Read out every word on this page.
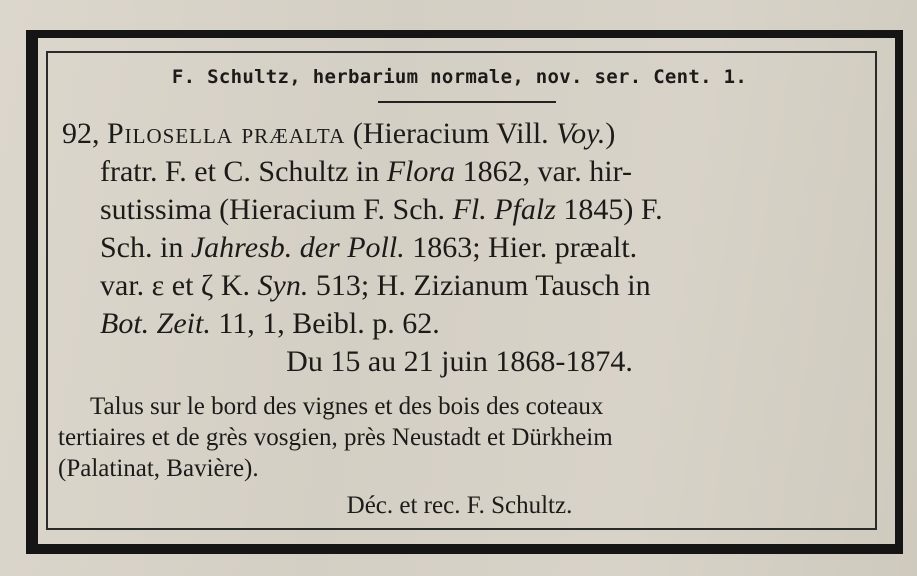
F. Schultz, herbarium normale, nov. ser. Cent. 1.
92, Pilosella præalta (Hieracium Vill. Voy.)
fratr. F. et C. Schultz in Flora 1862, var. hir-
sutissima (Hieracium F. Sch. Fl. Pfalz 1845) F.
Sch. in Jahresb. der Poll. 1863; Hier. præalt.
var. ε et ζ K. Syn. 513; H. Zizianum Tausch in
Bot. Zeit. 11, 1, Beibl. p. 62.
Du 15 au 21 juin 1868-1874.
Talus sur le bord des vignes et des bois des coteaux
tertiaires et de grès vosgien, près Neustadt et Dürkheim
(Palatinat, Bavière).
Déc. et rec. F. Schultz.
